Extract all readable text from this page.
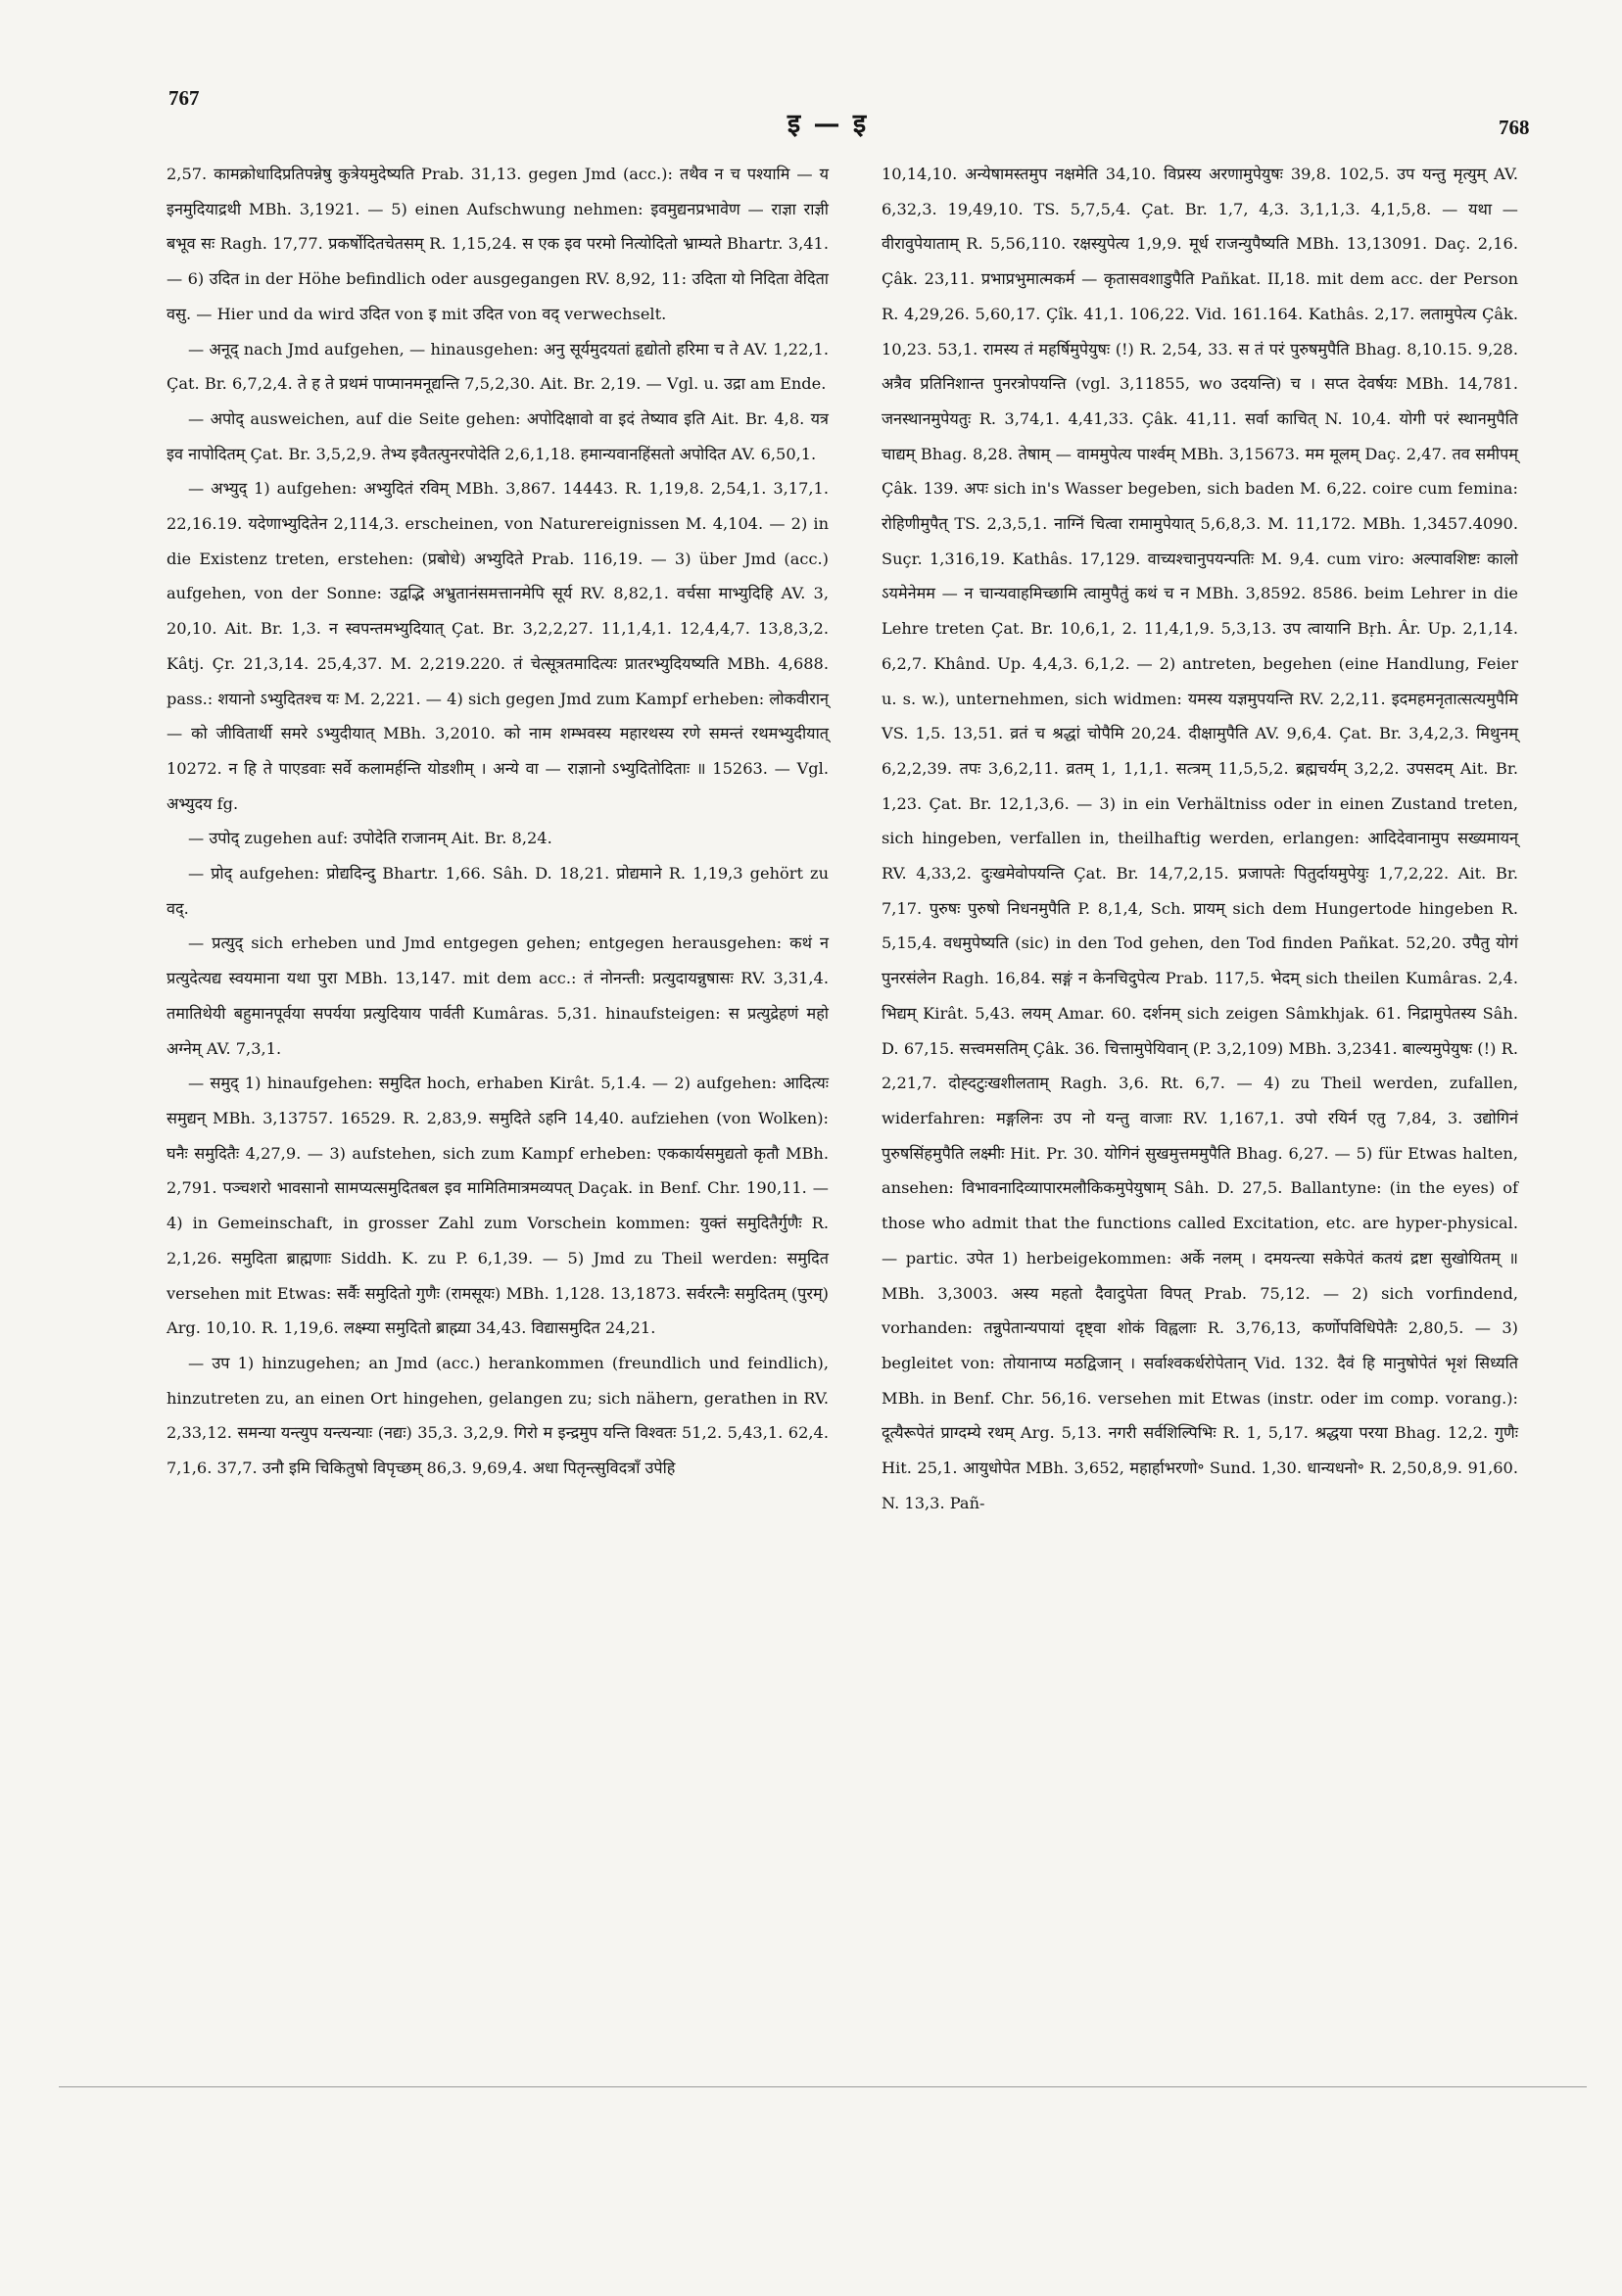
767
इ — इ	768

2,57. कामक्रोधादिप्रतिपन्नेषु कुत्रेयमुदेष्यति Prab. 31,13. gegen Jmd (acc.): तथैव न च पश्यामि — य इनमुदियाद्रथी MBh. 3,1921. — 5) einen Aufschwung nehmen: इवमुद्यनप्रभावेण — राज्ञा राज्ञी बभूव सः Ragh. 17,77. प्रकर्षोदितचेतसम् R. 1,15,24. स एक इव परमो नित्योदितो भ्राम्यते Bhartr. 3,41. — 6) उदित in der Höhe befindlich oder ausgegangen RV. 8,92, 11: उदिता यो निदिता वेदिता वसु. — Hier und da wird उदित von इ mit उदित von वद् verwechselt.

— अनूद् nach Jmd aufgehen, — hinausgehen: अनु सूर्यमुदयतां हृद्योतो हरिमा च ते AV. 1,22,1. Çat. Br. 6,7,2,4. ते ह ते प्रथमं पाप्मानमनूद्यन्ति 7,5,2,30. Ait. Br. 2,19. — Vgl. u. उद्रा am Ende.

— अपोद् ausweichen, auf die Seite gehen: अपोदिक्षावो वा इदं तेष्याव इति Ait. Br. 4,8. यत्र इव नापोदितम् Çat. Br. 3,5,2,9. तेभ्य इवैतत्पुनरपोदेति 2,6,1,18. हमान्यवानहिंसतो अपोदित AV. 6,50,1.

— अभ्युद् 1) aufgehen: अभ्युदितं रविम् MBh. 3,867. 14443. R. 1,19,8. 2,54,1. 3,17,1. 22,16.19. यदेणाभ्युदितेन 2,114,3. erscheinen, von Naturereignissen M. 4,104. — 2) in die Existenz treten, erstehen: (प्रबोधे) अभ्युदिते Prab. 116,19. — 3) über Jmd (acc.) aufgehen, von der Sonne: उद्वद्भि अभ्रुतानंसमत्तानमेपि सूर्य RV. 8,82,1. वर्चसा माभ्युदिहि AV. 3, 20,10. Ait. Br. 1,3. न स्वपन्तमभ्युदियात् Çat. Br. 3,2,2,27. 11,1,4,1. 12,4,4,7. 13,8,3,2. Kâtj. Çr. 21,3,14. 25,4,37. M. 2,219.220. तं चेत्सूत्रतमादित्यः प्रातरभ्युदियष्यति MBh. 4,688. pass.: शयानो ऽभ्युदितश्च यः M. 2,221. — 4) sich gegen Jmd zum Kampf erheben: लोकवीरान् — को जीवितार्थी समरे ऽभ्युदीयात् MBh. 3,2010. को नाम शम्भवस्य महारथस्य रणे समन्तं रथमभ्युदीयात् 10272. न हि ते पाएडवाः सर्वे कलामर्हन्ति योडशीम् । अन्ये वा — राज्ञानो ऽभ्युदितोदिताः ॥ 15263. — Vgl. अभ्युदय fg.

— उपोद् zugehen auf: उपोदेति राजानम् Ait. Br. 8,24.

— प्रोद् aufgehen: प्रोद्यदिन्दु Bhartr. 1,66. Sâh. D. 18,21. प्रोद्यमाने R. 1,19,3 gehört zu वद्.

— प्रत्युद् sich erheben und Jmd entgegen gehen; entgegen herausgehen: कथं न प्रत्युदेत्यद्य स्वयमाना यथा पुरा MBh. 13,147. mit dem acc.: तं नोनन्ती: प्रत्युदायन्नुषासः RV. 3,31,4. तमातिथेयी बहुमानपूर्वया सपर्यया प्रत्युदियाय पार्वती Kumâras. 5,31. hinaufsteigen: स प्रत्युद्रेहणं महो अग्नेम् AV. 7,3,1.

— समुद् 1) hinaufgehen: समुदित hoch, erhaben Kirât. 5,1.4. — 2) aufgehen: आदित्यः समुद्यन् MBh. 3,13757. 16529. R. 2,83,9. समुदिते ऽहनि 14,40. aufziehen (von Wolken): घनैः समुदितैः 4,27,9. — 3) aufstehen, sich zum Kampf erheben: एककार्यसमुद्यतो कृतौ MBh. 2,791. पञ्चशरो भावसानो सामप्यत्समुदितबल इव मामितिमात्रमव्यपत् Daçak. in Benf. Chr. 190,11. — 4) in Gemeinschaft, in grosser Zahl zum Vorschein kommen: युक्तं समुदितैर्गुणैः R. 2,1,26. समुदिता ब्राह्मणाः Siddh. K. zu P. 6,1,39. — 5) Jmd zu Theil werden: समुदित versehen mit Etwas: सर्वैः समुदितो गुणैः (रामसूयः) MBh. 1,128. 13,1873. सर्वरत्नैः समुदितम् (पुरम्) Arg. 10,10. R. 1,19,6. लक्ष्म्या समुदितो ब्राह्म्या 34,43. विद्यासमुदित 24,21.

— उप 1) hinzugehen; an Jmd (acc.) herankommen (freundlich und feindlich), hinzutreten zu, an einen Ort hingehen, gelangen zu; sich nähern, gerathen in RV. 2,33,12. समन्या यन्त्युप यन्त्यन्याः (नद्यः) 35,3. 3,2,9. गिरो म इन्द्रमुप यन्ति विश्वतः 51,2. 5,43,1. 62,4. 7,1,6. 37,7. उनौ इमि चिकितुषो विपृच्छम् 86,3. 9,69,4. अधा पितृन्त्सुविदत्राँ उपेहि

10,14,10. अन्येषामस्तमुप नक्षमेति 34,10. विप्रस्य अरणामुपेयुषः 39,8. 102,5. उप यन्तु मृत्युम् AV. 6,32,3. 19,49,10. TS. 5,7,5,4. Çat. Br. 1,7, 4,3. 3,1,1,3. 4,1,5,8. — यथा — वीरावुपेयाताम् R. 5,56,110. रक्षस्युपेत्य 1,9,9. मूर्ध राजन्युपैष्यति MBh. 13,13091. Daç. 2,16. Çâk. 23,11. प्रभाप्रभुमात्मकर्म — कृतासवशाडुपैति Pañkat. II,18. mit dem acc. der Person R. 4,29,26. 5,60,17. Çîk. 41,1. 106,22. Vid. 161.164. Kathâs. 2,17. लतामुपेत्य Çâk. 10,23. 53,1. रामस्य तं महर्षिमुपेयुषः (!) R. 2,54, 33. स तं परं पुरुषमुपैति Bhag. 8,10.15. 9,28. अत्रैव प्रतिनिशान्त पुनरत्रोपयन्ति (vgl. 3,11855, wo उदयन्ति) च । सप्त देवर्षयः MBh. 14,781. जनस्थानमुपेयतुः R. 3,74,1. 4,41,33. Çâk. 41,11. सर्वा काचित् N. 10,4. योगी परं स्थानमुपैति चाद्यम् Bhag. 8,28. तेषाम् — वाममुपेत्य पार्श्वम् MBh. 3,15673. मम मूलम् Daç. 2,47. तव समीपम् Çâk. 139. अपः sich in's Wasser begeben, sich baden M. 6,22. coire cum femina: रोहिणीमुपैत् TS. 2,3,5,1. नाग्निं चित्वा रामामुपेयात् 5,6,8,3. M. 11,172. MBh. 1,3457.4090. Suçr. 1,316,19. Kathâs. 17,129. वाच्यश्चानुपयन्पतिः M. 9,4. cum viro: अल्पावशिष्टः कालो ऽयमेनेमम — न चान्यवाहमिच्छामि त्वामुपैतुं कथं च न MBh. 3,8592. 8586. beim Lehrer in die Lehre treten Çat. Br. 10,6,1, 2. 11,4,1,9. 5,3,13. उप त्वायानि Bṛh. Âr. Up. 2,1,14. 6,2,7. Khând. Up. 4,4,3. 6,1,2. — 2) antreten, begehen (eine Handlung, Feier u. s. w.), unternehmen, sich widmen: यमस्य यज्ञमुपयन्ति RV. 2,2,11. इदमहमनृतात्सत्यमुपैमि VS. 1,5. 13,51. व्रतं च श्रद्धां चोपैमि 20,24. दीक्षामुपैति AV. 9,6,4. Çat. Br. 3,4,2,3. मिथुनम् 6,2,2,39. तपः 3,6,2,11. व्रतम् 1, 1,1,1. सत्त्रम् 11,5,5,2. ब्रह्मचर्यम् 3,2,2. उपसदम् Ait. Br. 1,23. Çat. Br. 12,1,3,6. — 3) in ein Verhältniss oder in einen Zustand treten, sich hingeben, verfallen in, theilhaftig werden, erlangen: आदिदेवानामुप सख्यमायन् RV. 4,33,2. दुःखमेवोपयन्ति Çat. Br. 14,7,2,15. प्रजापतेः पितुर्दायमुपेयुः 1,7,2,22. Ait. Br. 7,17. पुरुषः पुरुषो निधनमुपैति P. 8,1,4, Sch. प्रायम् sich dem Hungertode hingeben R. 5,15,4. वधमुपेष्यति (sic) in den Tod gehen, den Tod finden Pañkat. 52,20. उपैतु योगं पुनरसंलेन Ragh. 16,84. सङ्गं न केनचिदुपेत्य Prab. 117,5. भेदम् sich theilen Kumâras. 2,4. भिद्यम् Kirât. 5,43. लयम् Amar. 60. दर्शनम् sich zeigen Sâmkhjak. 61. निद्रामुपेतस्य Sâh. D. 67,15. सत्त्वमसतिम् Çâk. 36. चित्तामुपेयिवान् (P. 3,2,109) MBh. 3,2341. बाल्यमुपेयुषः (!) R. 2,21,7. दोह्दटुःखशीलताम् Ragh. 3,6. Rt. 6,7. — 4) zu Theil werden, zufallen, widerfahren: मङ्गलिनः उप नो यन्तु वाजाः RV. 1,167,1. उपो रयिर्न एतु 7,84, 3. उद्योगिनं पुरुषसिंहमुपैति लक्ष्मीः Hit. Pr. 30. योगिनं सुखमुत्तममुपैति Bhag. 6,27. — 5) für Etwas halten, ansehen: विभावनादिव्यापारमलौकिकमुपेयुषाम् Sâh. D. 27,5. Ballantyne: (in the eyes) of those who admit that the functions called Excitation, etc. are hyper-physical. — partic. उपेत 1) herbeigekommen: अर्के नलम् । दमयन्त्या सकेपेतं कतयं द्रष्टा सुखोयितम् ॥ MBh. 3,3003. अस्य महतो दैवादुपेता विपत् Prab. 75,12. — 2) sich vorfindend, vorhanden: तन्नुपेतान्यपायां दृष्ट्वा शोकं विह्वलाः R. 3,76,13, कर्णोपविधिपेतैः 2,80,5. — 3) begleitet von: तोयानाप्य मठद्विजान् । सर्वाश्वकर्धरोपेतान् Vid. 132. दैवं हि मानुषोपेतं भृशं सिध्यति MBh. in Benf. Chr. 56,16. versehen mit Etwas (instr. oder im comp. vorang.): दूत्यैरूपेतं प्राग्दम्ये रथम् Arg. 5,13. नगरी सर्वशिल्पिभिः R. 1, 5,17. श्रद्धया परया Bhag. 12,2. गुणैः Hit. 25,1. आयुधोपेत MBh. 3,652, महार्हाभरणो॰ Sund. 1,30. धान्यधनो॰ R. 2,50,8,9. 91,60. N. 13,3. Pañ-
